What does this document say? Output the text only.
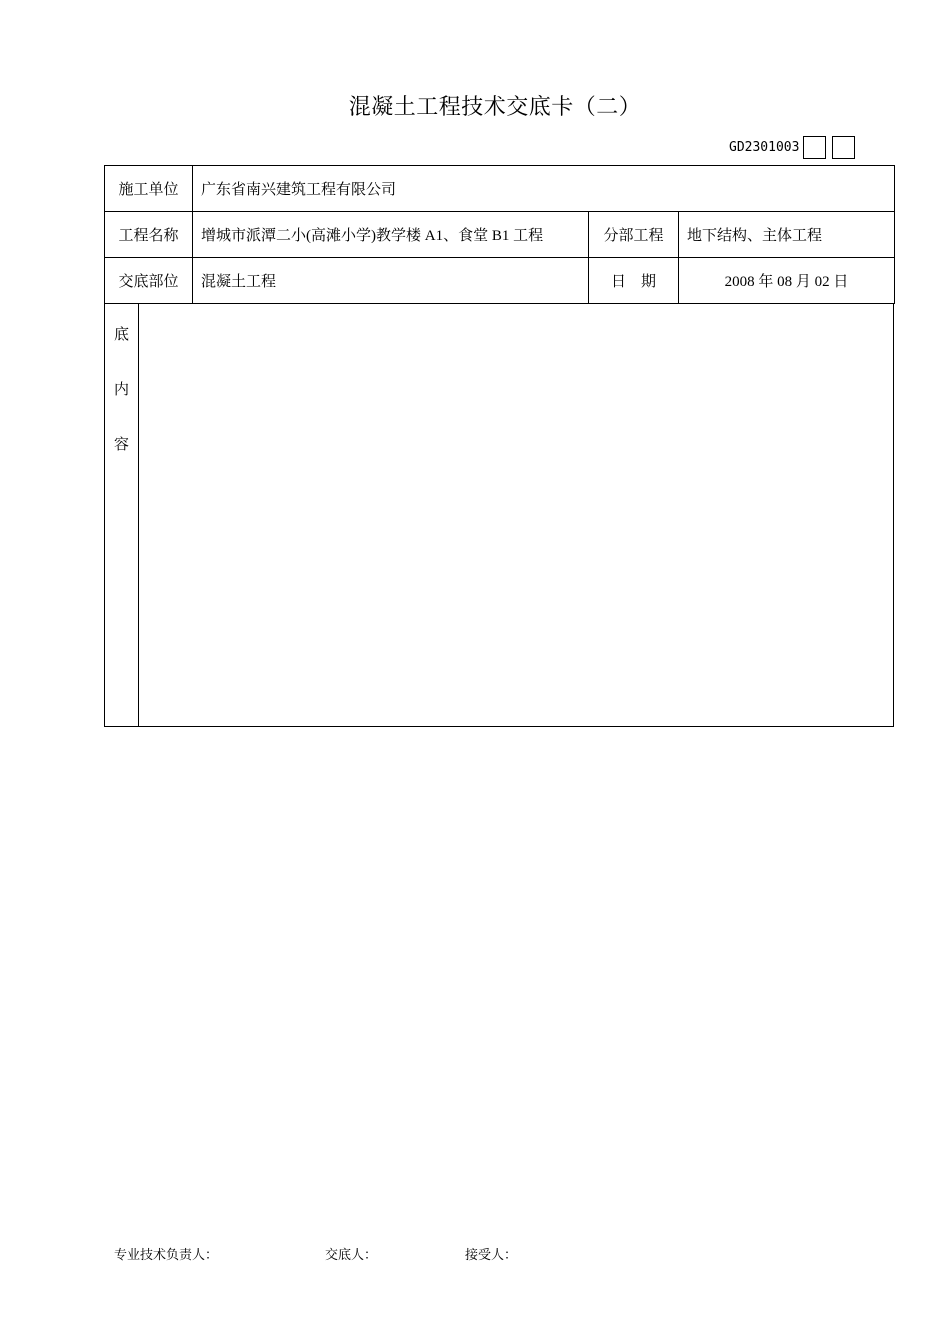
混凝土工程技术交底卡（二）
GD2301003
施工单位	广东省南兴建筑工程有限公司		
工程名称	增城市派潭二小(高滩小学)教学楼 A1、食堂 B1 工程	分部工程	地下结构、主体工程
交底部位	混凝土工程	日　期	2008 年 08 月 02 日
底
内
容
专业技术负责人：	交底人：	接受人：
